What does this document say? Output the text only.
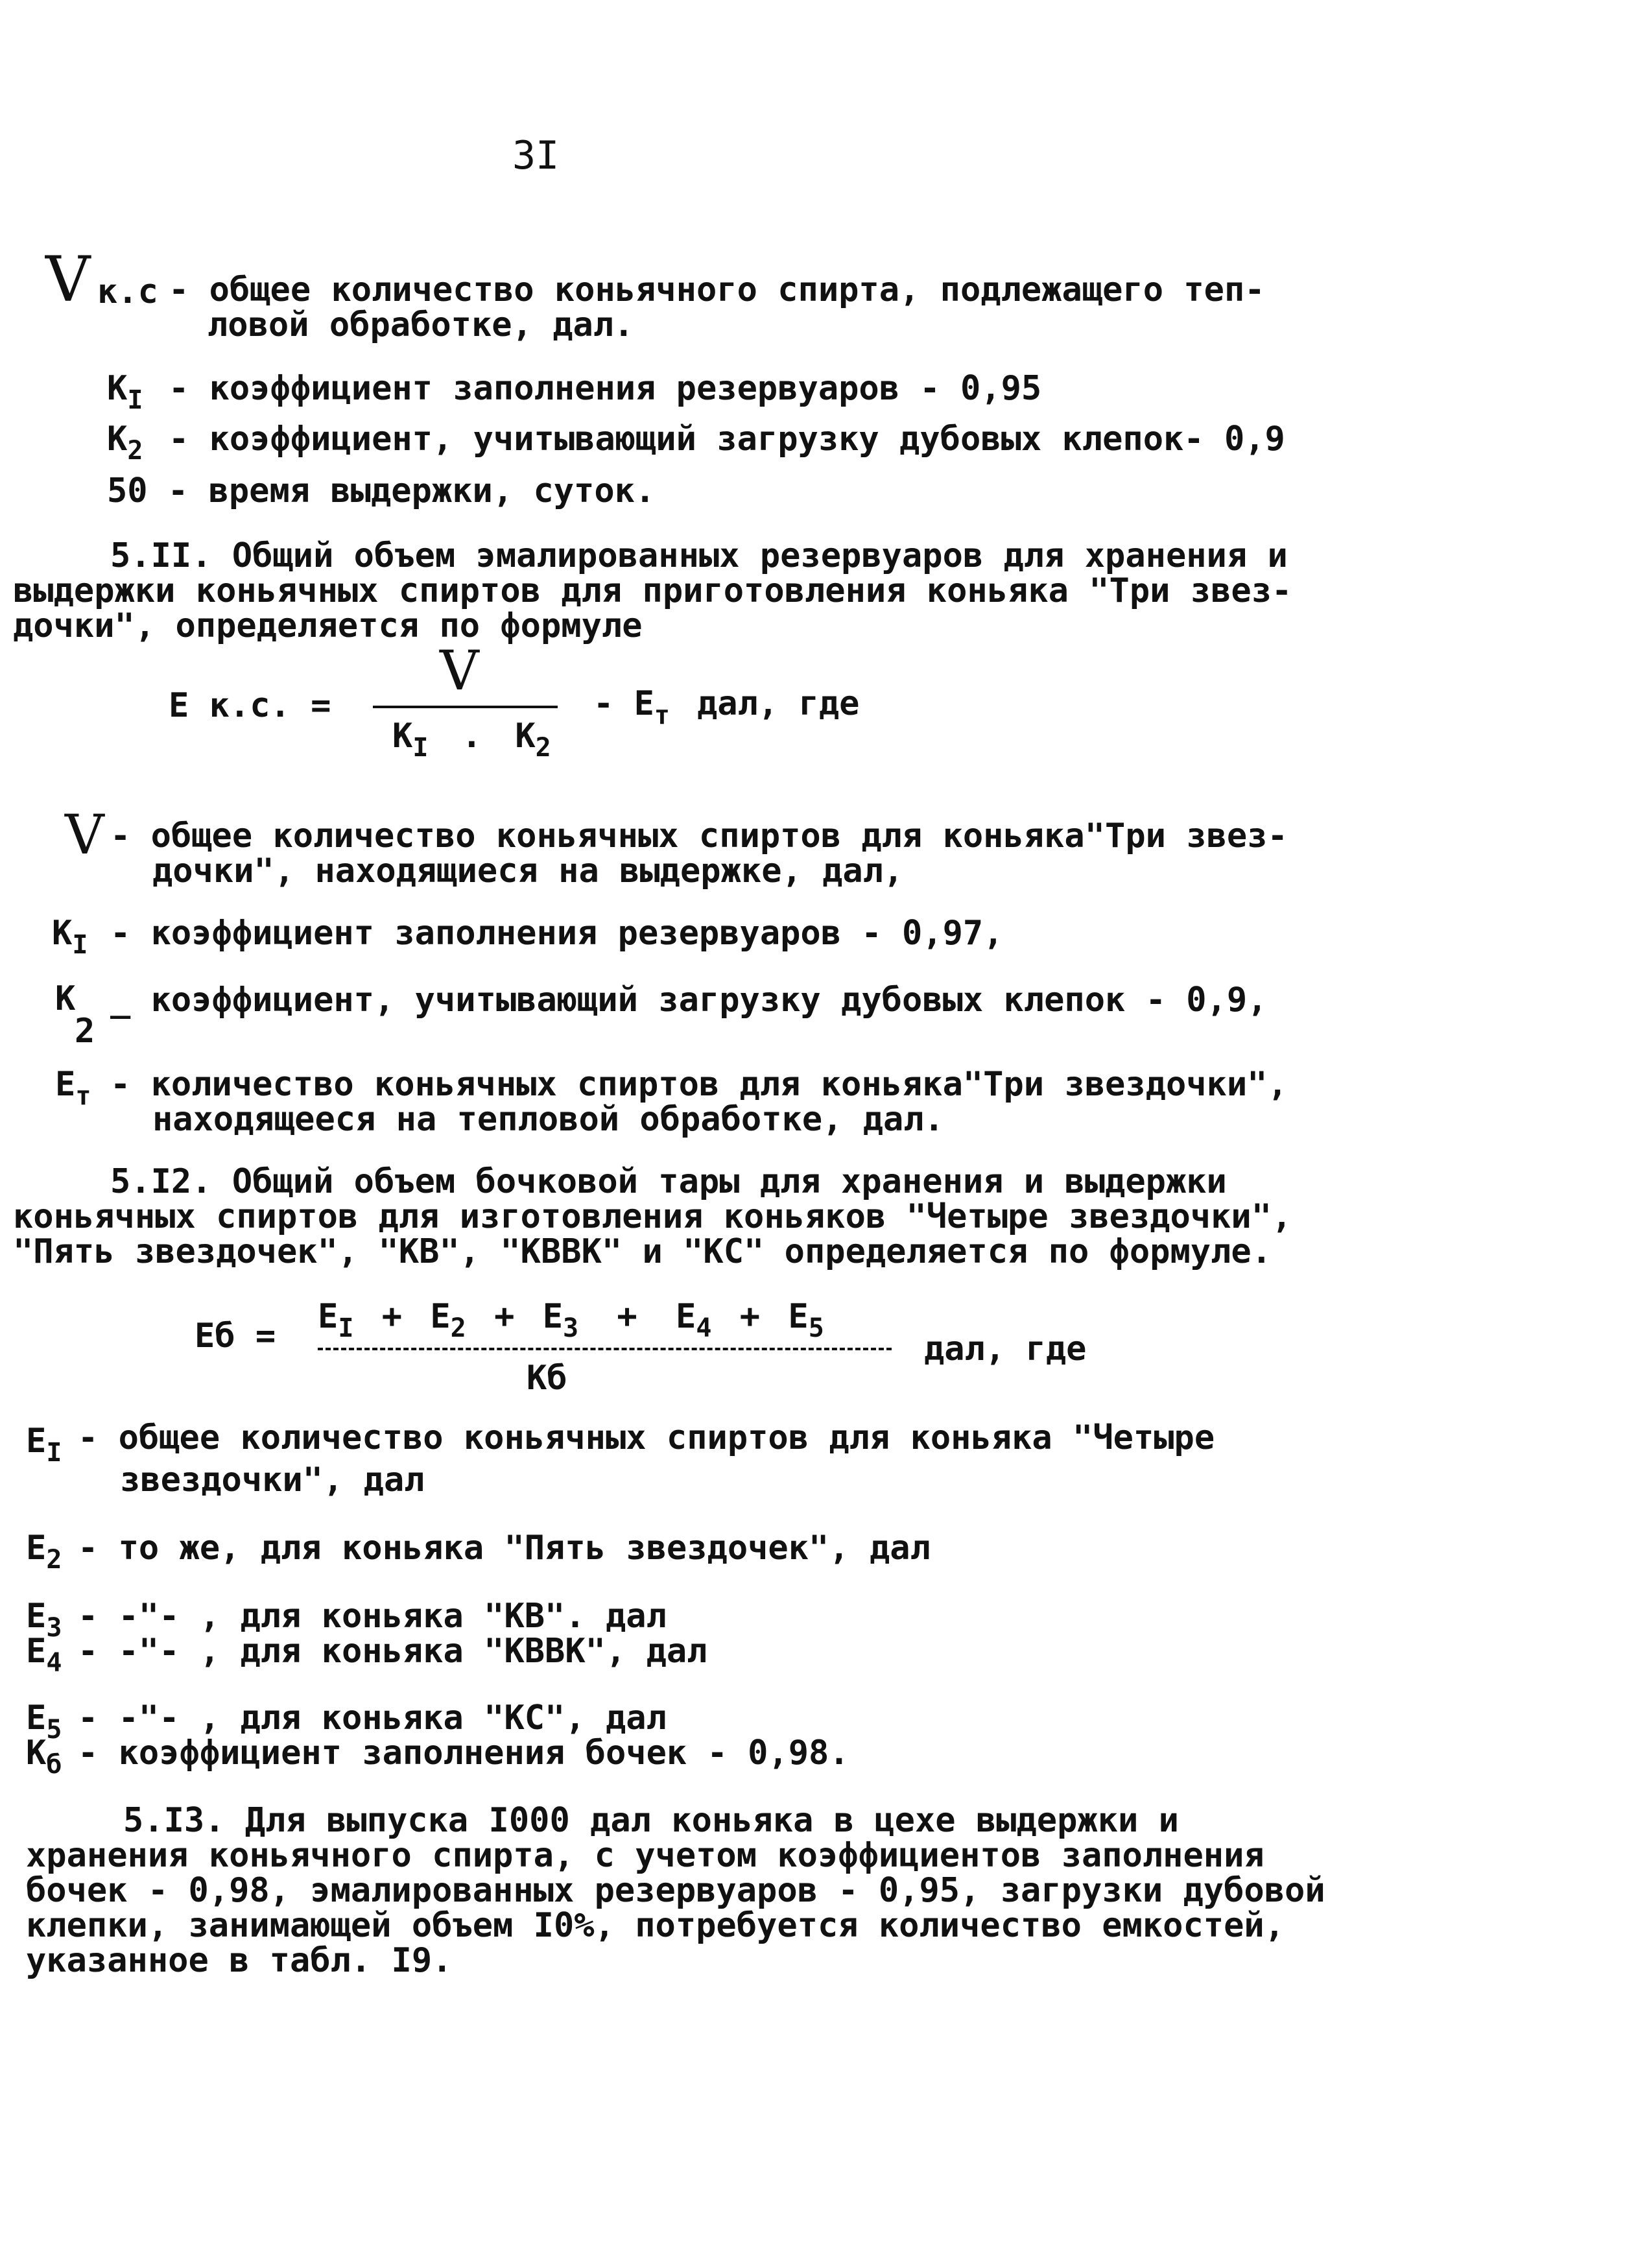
3I
V к.с - общее количество коньячного спирта, подлежащего теп-
ловой обработке, дал.
$К_I$ - коэффициент заполнения резервуаров - 0,95
$К_2$ - коэффициент, учитывающий загрузку дубовых клепок- 0,9
50 - время выдержки, суток.
5.II. Общий объем эмалированных резервуаров для хранения и
выдержки коньячных спиртов для приготовления коньяка "Три звез-
дочки", определяется по формуле
Е к.с. =
V
$К_I$ . $К_2$
- $Е_т$ дал, где
V - общее количество коньячных спиртов для коньяка"Три звез-
дочки", находящиеся на выдержке, дал,
$К_I$ - коэффициент заполнения резервуаров - 0,97,
К
2
_ коэффициент, учитывающий загрузку дубовых клепок - 0,9,
$Е_т$ - количество коньячных спиртов для коньяка"Три звездочки",
находящееся на тепловой обработке, дал.
5.I2. Общий объем бочковой тары для хранения и выдержки
коньячных спиртов для изготовления коньяков "Четыре звездочки",
"Пять звездочек", "КВ", "КВВК" и "КС" определяется по формуле.
Еб = $Е_I + Е_2 + Е_3 + Е_4 + Е_5$
Кб
дал, где
$Е_I$ - общее количество коньячных спиртов для коньяка "Четыре
звездочки", дал
$Е_2$ - то же, для коньяка "Пять звездочек", дал
$Е_3$ - -"- , для коньяка "КВ". дал
$Е_4$ - -"- , для коньяка "КВВК", дал
$Е_5$ - -"- , для коньяка "КС", дал
$К_б$ - коэффициент заполнения бочек - 0,98.
5.I3. Для выпуска I000 дал коньяка в цехе выдержки и
хранения коньячного спирта, с учетом коэффициентов заполнения
бочек - 0,98, эмалированных резервуаров - 0,95, загрузки дубовой
клепки, занимающей объем I0%, потребуется количество емкостей,
указанное в табл. I9.
